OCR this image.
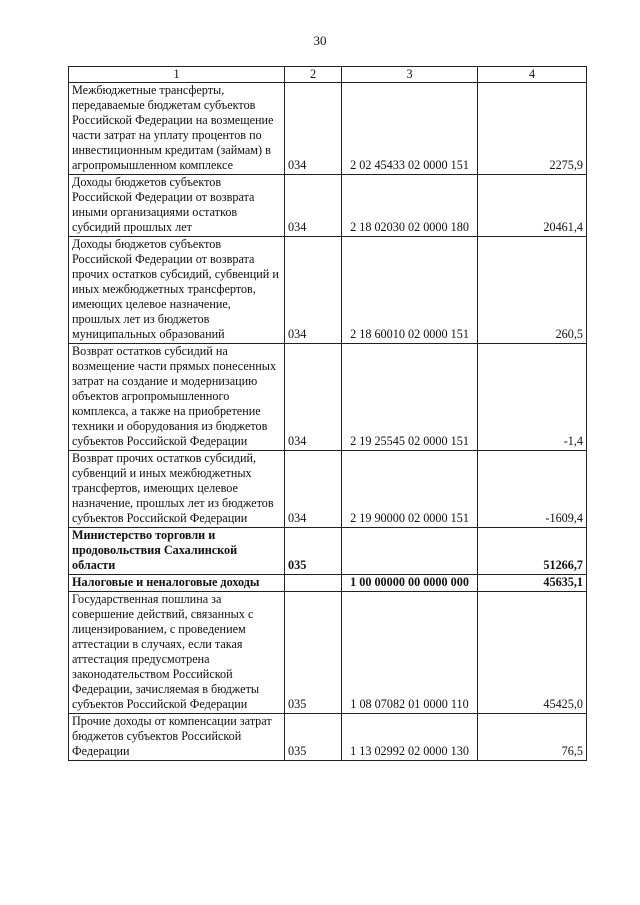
30
1	2	3	4
Межбюджетные трансферты, передаваемые бюджетам субъектов Российской Федерации на возмещение части затрат на уплату процентов по инвестиционным кредитам (займам) в агропромышленном комплексе	034	2 02 45433 02 0000 151	2275,9
Доходы бюджетов субъектов Российской Федерации от возврата иными организациями остатков субсидий прошлых лет	034	2 18 02030 02 0000 180	20461,4
Доходы бюджетов субъектов Российской Федерации от возврата прочих остатков субсидий, субвенций и иных межбюджетных трансфертов, имеющих целевое назначение, прошлых лет из бюджетов муниципальных образований	034	2 18 60010 02 0000 151	260,5
Возврат остатков субсидий на возмещение части прямых понесенных затрат на создание и модернизацию объектов агропромышленного комплекса, а также на приобретение техники и оборудования из бюджетов субъектов Российской Федерации	034	2 19 25545 02 0000 151	-1,4
Возврат прочих остатков субсидий, субвенций и иных межбюджетных трансфертов, имеющих целевое назначение, прошлых лет из бюджетов субъектов Российской Федерации	034	2 19 90000 02 0000 151	-1609,4
Министерство торговли и продовольствия Сахалинской области	035		51266,7
Налоговые и неналоговые доходы		1 00 00000 00 0000 000	45635,1
Государственная пошлина за совершение действий, связанных с лицензированием, с проведением аттестации в случаях, если такая аттестация предусмотрена законодательством Российской Федерации, зачисляемая в бюджеты субъектов Российской Федерации	035	1 08 07082 01 0000 110	45425,0
Прочие доходы от компенсации затрат бюджетов субъектов Российской Федерации	035	1 13 02992 02 0000 130	76,5
